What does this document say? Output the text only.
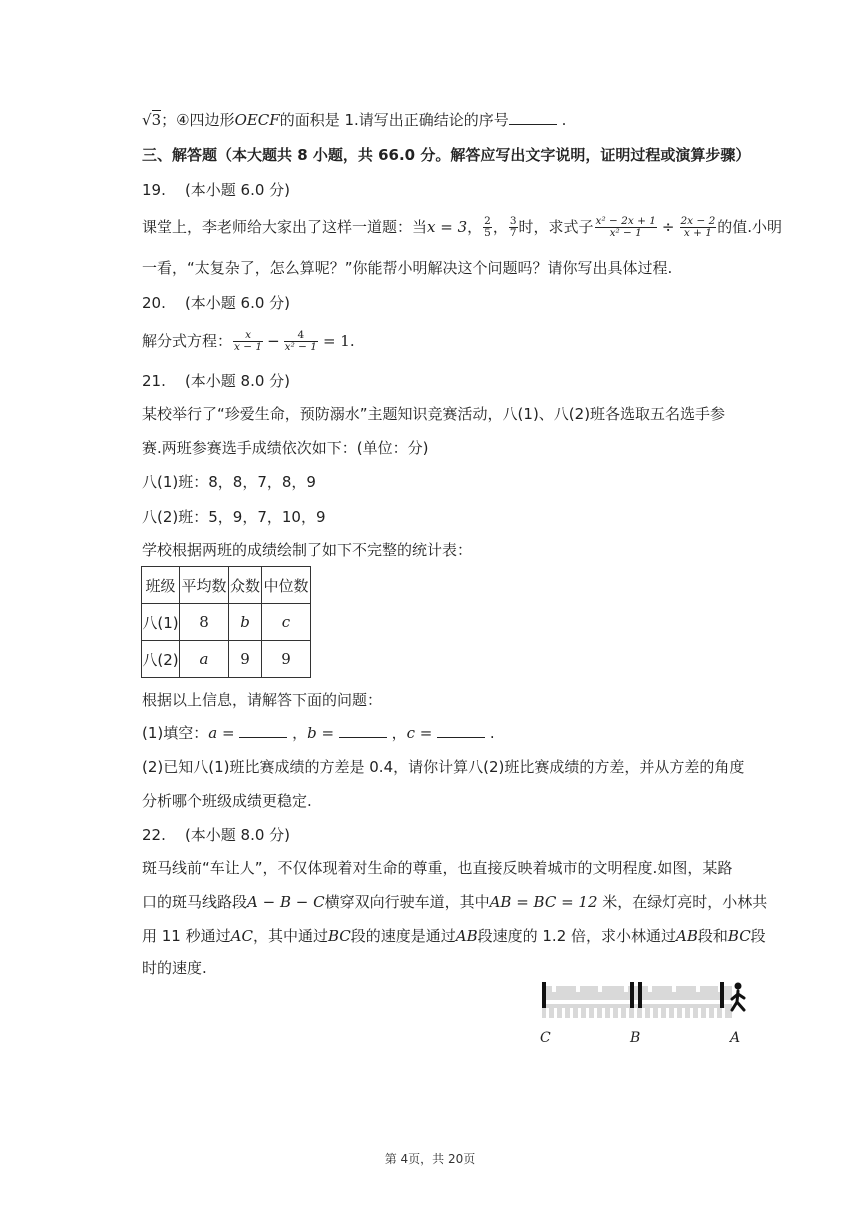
√3；④四边形OECF的面积是 1.请写出正确结论的序号	.
三、解答题（本大题共 8 小题，共 66.0 分。解答应写出文字说明，证明过程或演算步骤）
19. (本小题 6.0 分)
课堂上，李老师给大家出了这样一道题：当x = 3， $\frac{2}{5}$ ， $\frac{3}{7}$ 时，求式子 $\frac{\text{x² − 2x + 1}}{\text{x² − 1}} \div \frac{2x - 2}{x + 1}$ 的值.小明
一看，“太复杂了，怎么算呢？”你能帮小明解决这个问题吗？请你写出具体过程.
20. (本小题 6.0 分)
解分式方程： $\frac{x}{x - 1} - \frac{4}{\text{x² − 1}} = 1$.
21. (本小题 8.0 分)
某校举行了“珍爱生命，预防溺水”主题知识竞赛活动，八(1)、八(2)班各选取五名选手参
赛.两班参赛选手成绩依次如下：(单位：分)
八(1)班：8，8，7，8，9
八(2)班：5，9，7，10，9
学校根据两班的成绩绘制了如下不完整的统计表：
班级	平均数	众数	中位数
八(1)	8	b	c
八(2)	a	9	9
根据以上信息，请解答下面的问题：
(1)填空：a =	，b =	，c =	.
(2)已知八(1)班比赛成绩的方差是 0.4，请你计算八(2)班比赛成绩的方差，并从方差的角度
分析哪个班级成绩更稳定.
22. (本小题 8.0 分)
斑马线前“车让人”，不仅体现着对生命的尊重，也直接反映着城市的文明程度.如图，某路
口的斑马线路段A − B − C横穿双向行驶车道，其中AB = BC = 12 米，在绿灯亮时，小林共
用 11 秒通过AC，其中通过BC段的速度是通过AB段速度的 1.2 倍，求小林通过AB段和BC段
时的速度.
C	B	A
第 4页，共 20页
